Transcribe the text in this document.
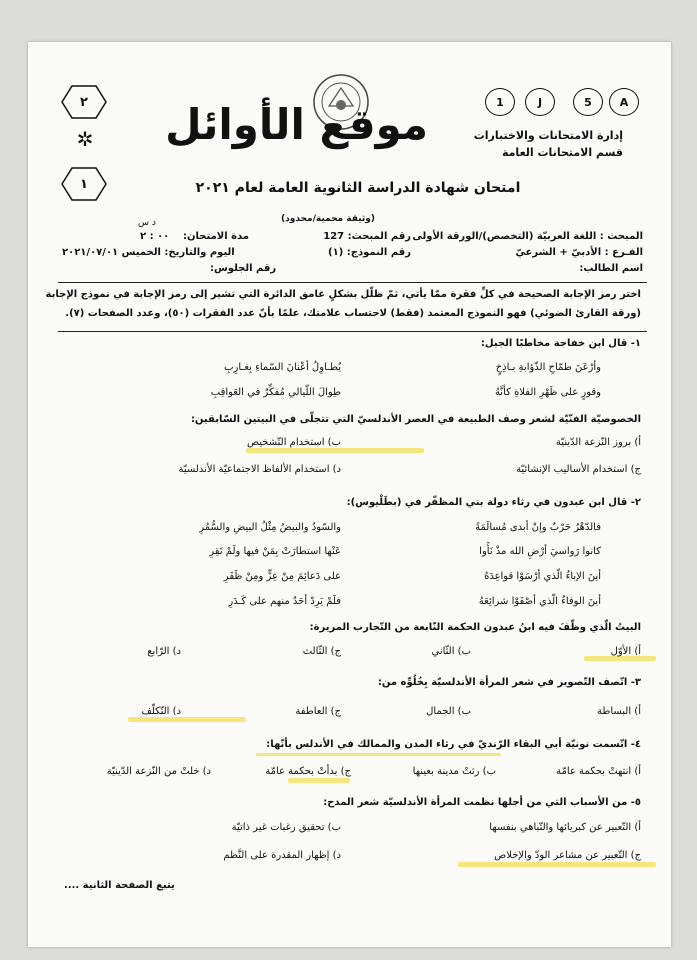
A
5
J
1
موقع الأوائل	إدارة الامتحانات والاختبارات
قسم الامتحانات العامة
٢
✲
١	امتحان شهادة الدراسة الثانوية العامة لعام ٢٠٢١
(وثيقة محمية/محدود)
المبحث : اللغة العربيّة (التخصص)/الورقة الأولى
الفـرع : الأدبيّ + الشرعيّ
اسم الطالب:
رقم المبحث: 127
رقم النموذج: (١)
د س
٠٠ : ٢ مدة الامتحان:
اليوم والتاريخ: الخميس ٢٠٢١/٠٧/٠١
رقم الجلوس:
اختر رمز الإجابة الصحيحة في كلِّ فقرة ممّا يأتي، ثمّ ظلّل بشكلٍ غامق الدائرة التي تشير إلى رمز الإجابة في نموذج الإجابة
(ورقة القارئ الضوئي) فهو النموذج المعتمد (فقط) لاحتساب علامتك، علمًا بأنّ عدد الفقرات (٥٠)، وعدد الصفحات (٧).
١- قال ابن خفاجة مخاطبًا الجبل:
وأرْعَنَ طمّاحِ الذّؤابةِ بـاذِخٍ
يُطـاوِلُ أعْنانَ السّماءِ بِغـارِبِ
وقورٍ على ظَهْرِ الفلاةِ كأنَّهُ
طِوالَ اللّيالي مُفكِّرٌ في العَواقِبِ
الخصوصيّة الفنّيّة لشعر وصف الطبيعة في العصر الأندلسيّ التي تتجلّى في البيتين السّابقين:
أ) بروز النّزعة الدّينيّة
ب) استخدام التّشخيص
ج) استخدام الأساليب الإنشائيّة
د) استخدام الألفاظ الاجتماعيّة الأندلسيّة
٢- قال ابن عبدون في رثاء دولة بني المظفّر في (بطَلْيوس):
فالدّهْرُ حَرْبٌ وإنْ أبدى مُسالَمَةً
والسّودُ والبيضُ مِثْلُ البيضِ والسُّمُرِ
كانوا رَواسيَ أرْضِ الله مذْ نَأَوا
عَنْها استطارَتْ بِمَنْ فيها ولَمْ تَقِرِ
أينَ الإباءُ الّذي أرْسَوْا قواعِدَهُ
على دَعائِمَ مِنْ عِزٍّ ومِنْ ظَفَرِ
أينَ الوفاءُ الّذي أصْفَوْا شرائِعَهُ
فلَمْ يَرِدْ أحَدٌ منهم على كَـدَرِ
البيتُ الّذي وظّفَ فيه ابنُ عبدون الحكمة النّابعة من التّجارب المريرة:
أ) الأوّل
ب) الثّاني
ج) الثّالث
د) الرّابع
٣- اتّصف التّصوير في شعر المرأة الأندلسيّة بِخُلُوِّه من:
أ) البساطة
ب) الجمال
ج) العاطفة
د) التّكلّف
٤- اتّسمت نونيّة أبي البقاء الرّنديّ في رثاء المدن والممالك في الأندلس بأنّها:
أ) انتهتْ بحكمة عامّة
ب) رثتْ مدينة بعينها
ج) بدأتْ بحكمة عامّة
د) خلتْ من النّزعة الدّينيّة
٥- من الأسباب التي من أجلها نظمت المرأة الأندلسيّة شعر المدح:
أ) التّعبير عن كبريائها والتّباهي بنفسها
ب) تحقيق رغبات غير ذاتيّة
ج) التّعبير عن مشاعر الودّ والإخلاص
د) إظهار المقدرة على النَّظم
يتبع الصفحة الثانية ....
